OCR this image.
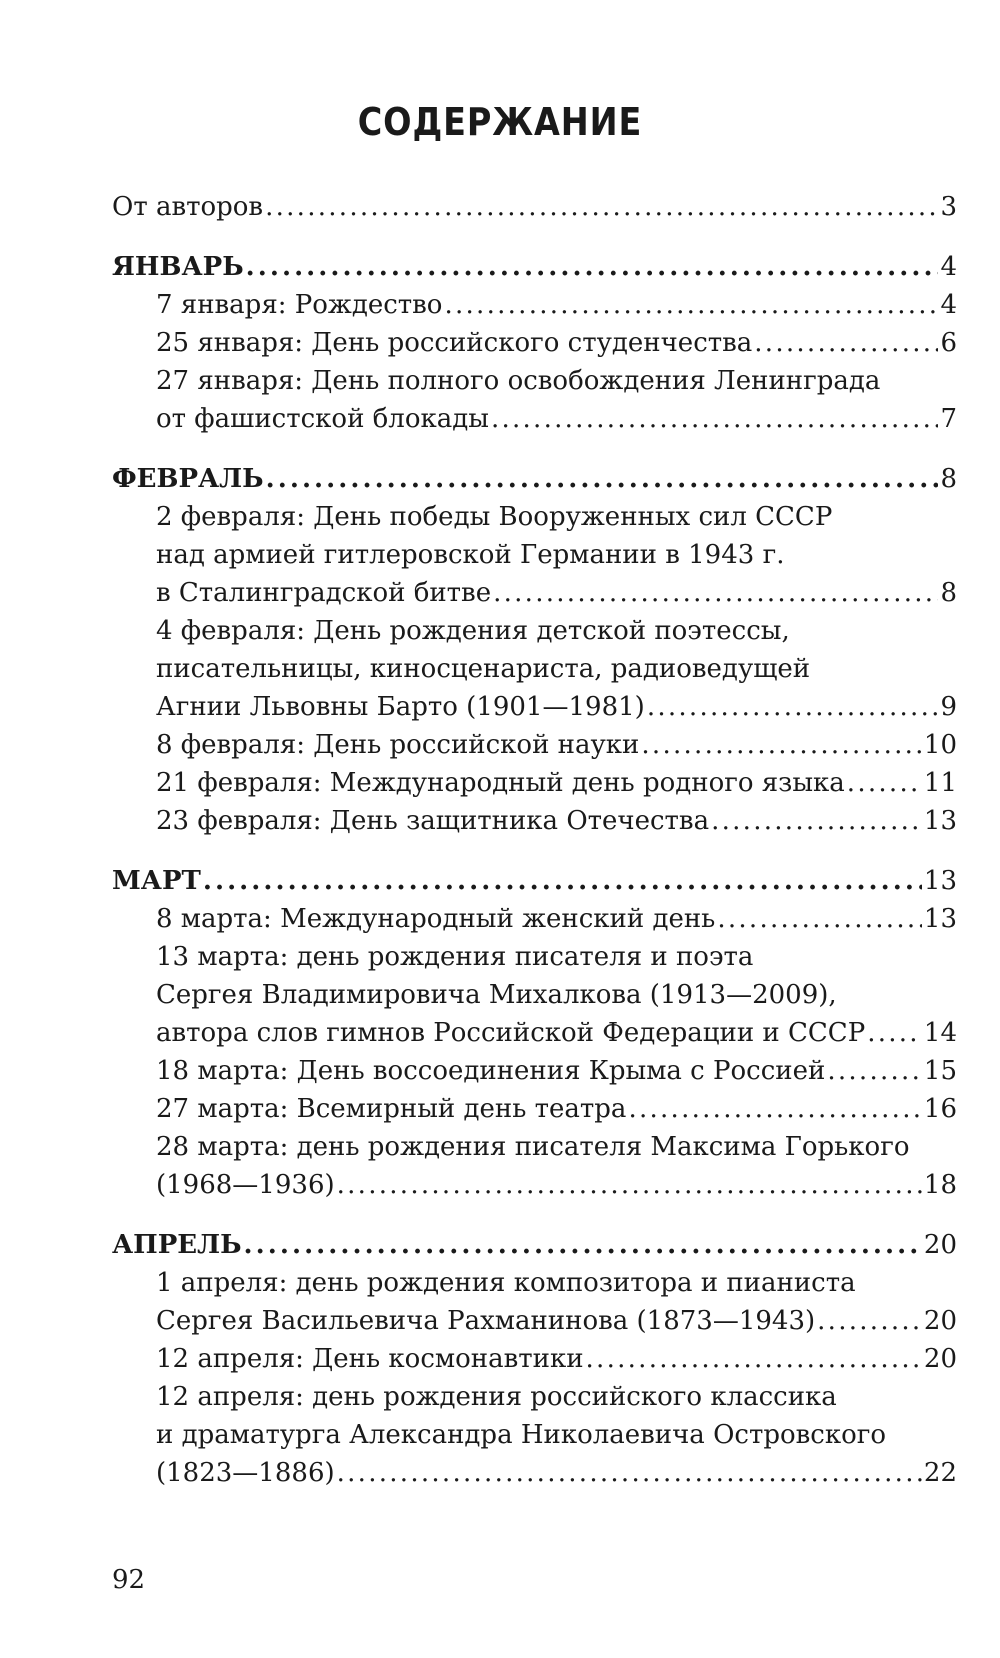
СОДЕРЖАНИЕ
От авторов . . .	3
ЯНВАРЬ . . .	4
7 января: Рождество . . .	4
25 января: День российского студенчества . . .	6
27 января: День полного освобождения Ленинграда
от фашистской блокады . . .	7
ФЕВРАЛЬ . . .	8
2 февраля: День победы Вооруженных сил СССР
над армией гитлеровской Германии в 1943 г.
в Сталинградской битве . . .	8
4 февраля: День рождения детской поэтессы,
писательницы, киносценариста, радиоведущей
Агнии Львовны Барто (1901—1981) . . .	9
8 февраля: День российской науки . . .	10
21 февраля: Международный день родного языка . . .	11
23 февраля: День защитника Отечества . . .	13
МАРТ . . .	13
8 марта: Международный женский день . . .	13
13 марта: день рождения писателя и поэта
Сергея Владимировича Михалкова (1913—2009),
автора слов гимнов Российской Федерации и СССР . . . 14
18 марта: День воссоединения Крыма с Россией . . .	15
27 марта: Всемирный день театра . . .	16
28 марта: день рождения писателя Максима Горького
(1968—1936) . . .	18
АПРЕЛЬ . . .	20
1 апреля: день рождения композитора и пианиста
Сергея Васильевича Рахманинова (1873—1943) . . .	20
12 апреля: День космонавтики . . .	20
12 апреля: день рождения российского классика
и драматурга Александра Николаевича Островского
(1823—1886) . . .	22
92
